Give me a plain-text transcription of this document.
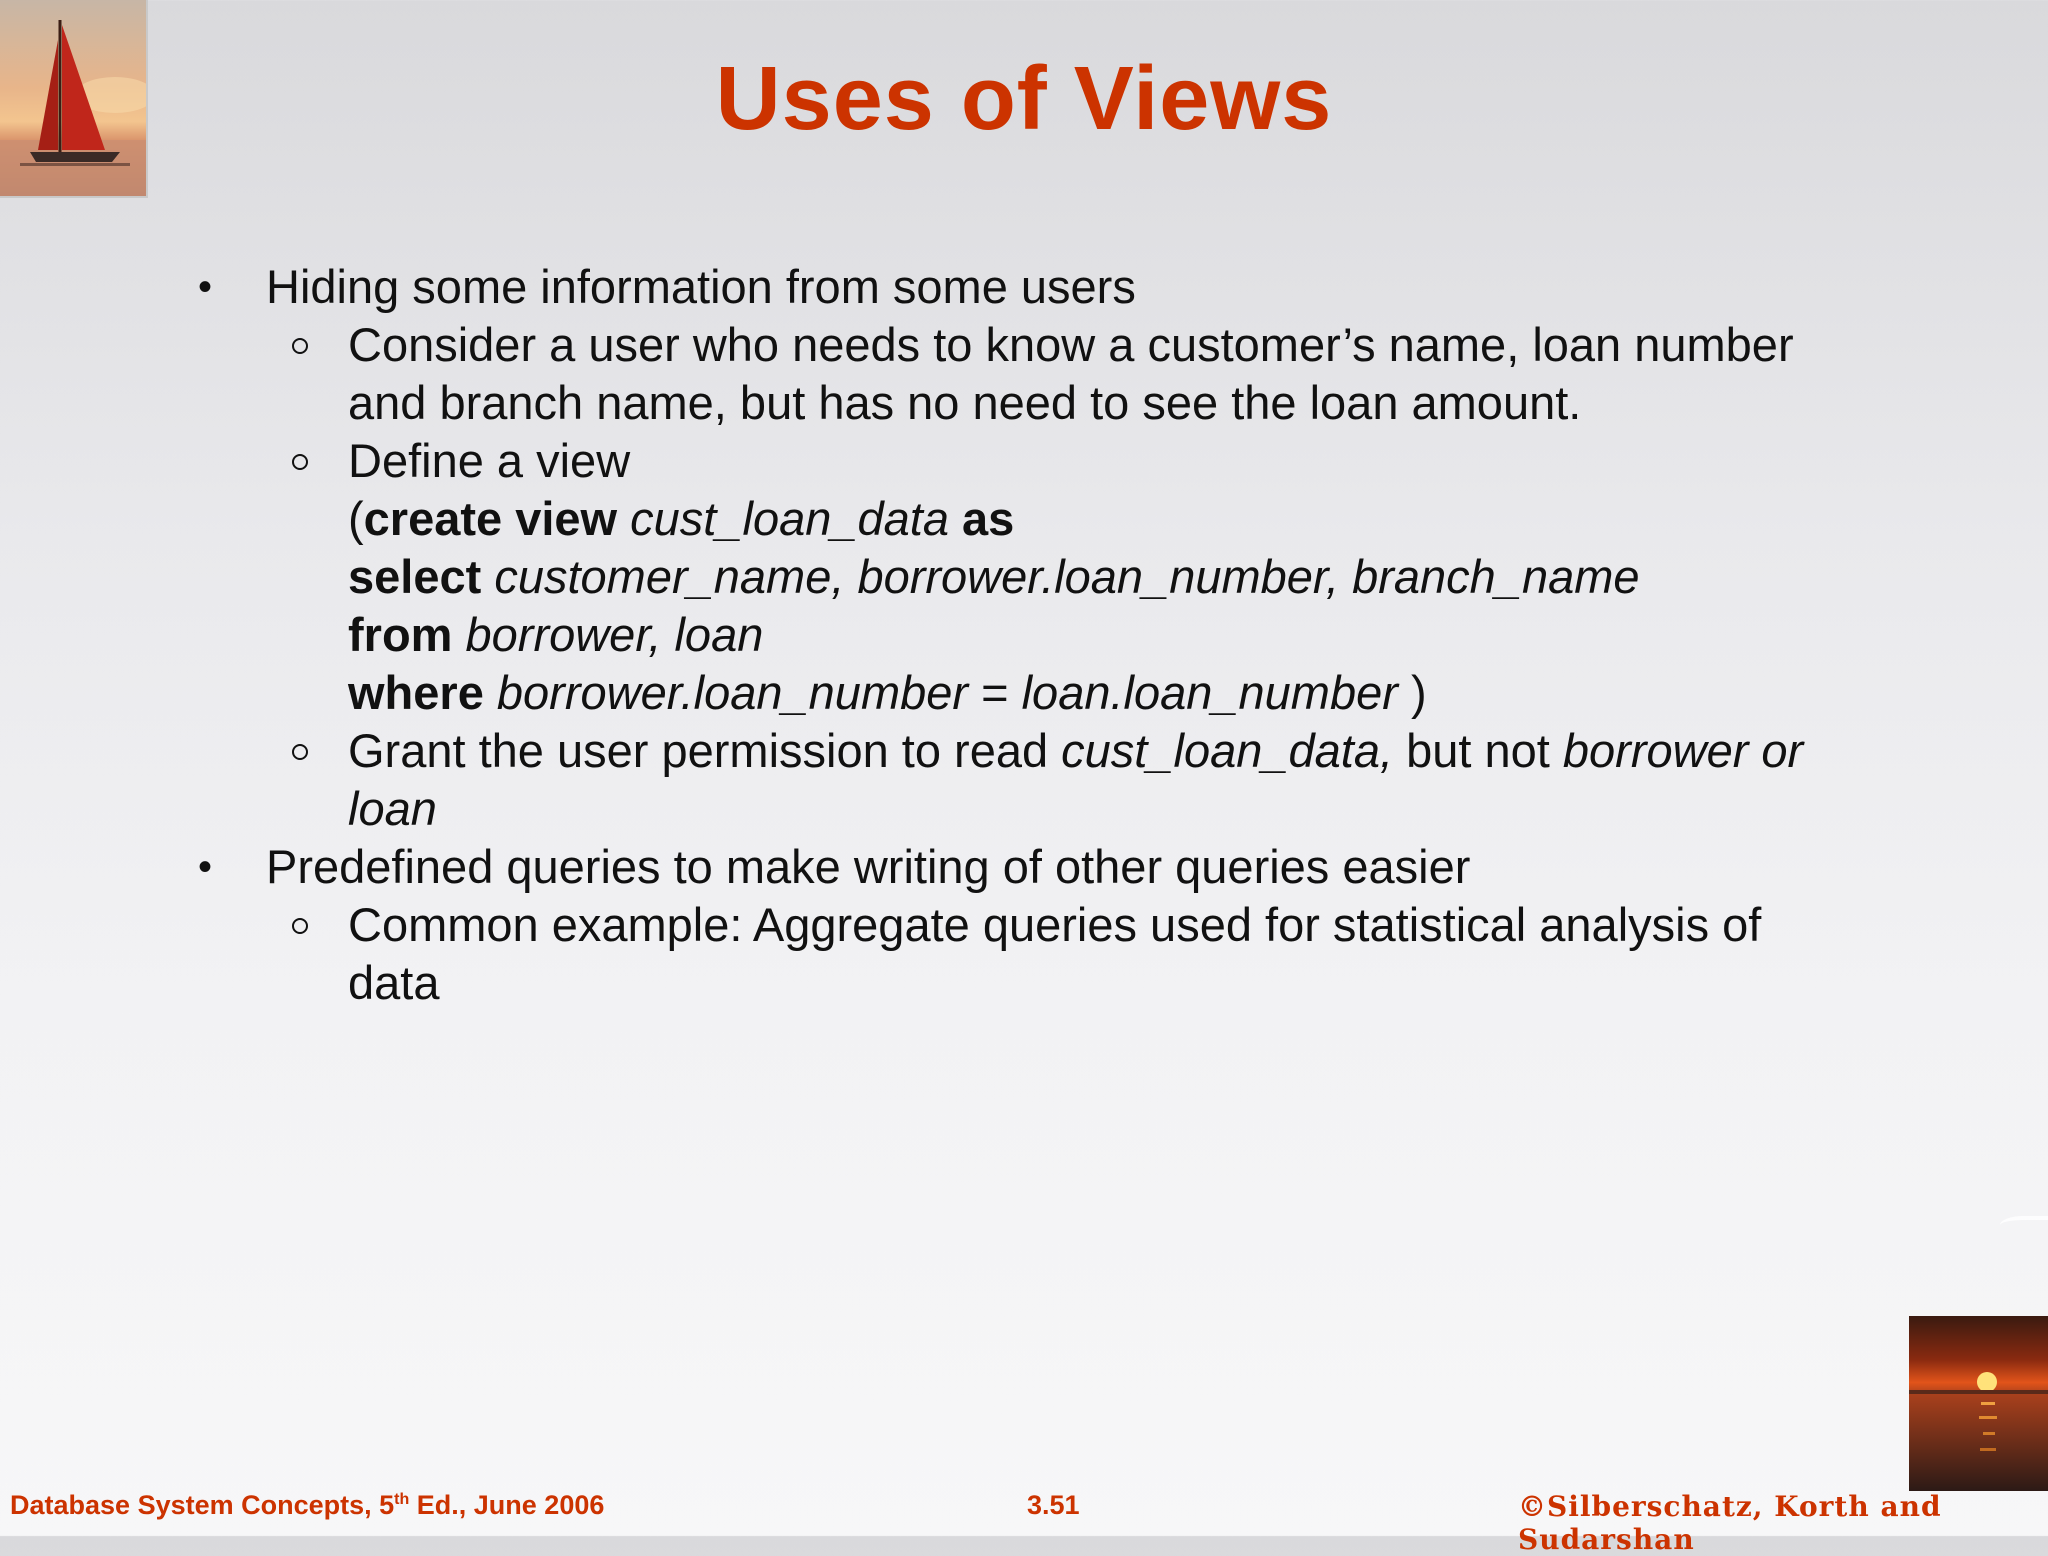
Uses of Views
• Hiding some information from some users
Consider a user who needs to know a customer’s name, loan number
and branch name, but has no need to see the loan amount.
Define a view
(create view cust_loan_data as
select customer_name, borrower.loan_number, branch_name
from borrower, loan
where borrower.loan_number = loan.loan_number )
Grant the user permission to read cust_loan_data, but not borrower or
loan
• Predefined queries to make writing of other queries easier
Common example: Aggregate queries used for statistical analysis of
data
Database System Concepts, 5th Ed., June 2006	3.51	©Silberschatz, Korth and Sudarshan
